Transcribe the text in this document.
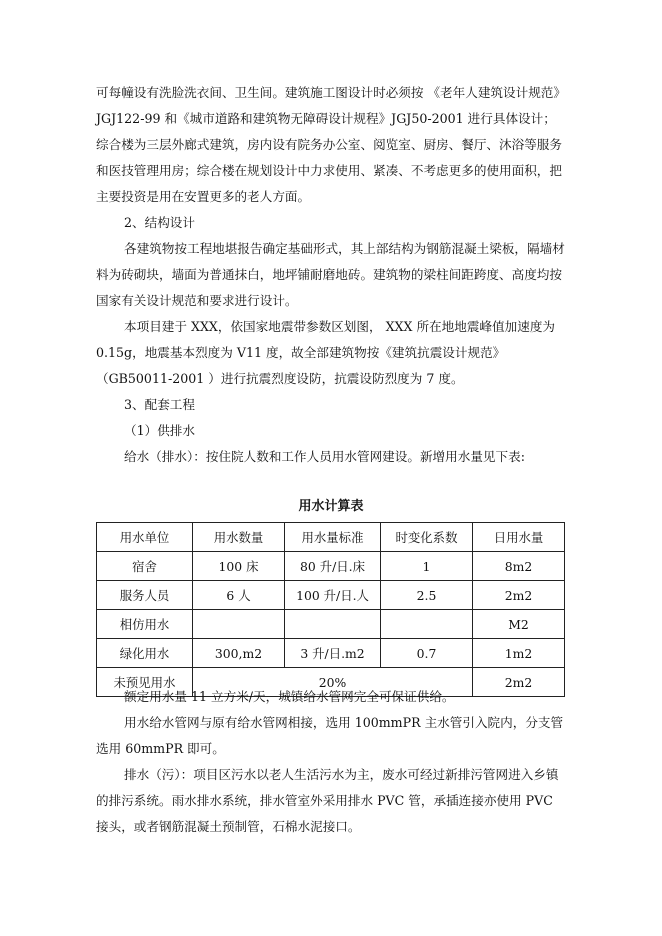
可每幢设有洗脸洗衣间、卫生间。建筑施工图设计时必须按 《老年人建筑设计规范》JGJ122-99 和《城市道路和建筑物无障碍设计规程》JGJ50-2001 进行具体设计；综合楼为三层外廊式建筑，房内设有院务办公室、阅览室、厨房、餐厅、沐浴等服务和医技管理用房；综合楼在规划设计中力求使用、紧凑、不考虑更多的使用面积，把主要投资是用在安置更多的老人方面。

2、结构设计

各建筑物按工程地堪报告确定基础形式，其上部结构为钢筋混凝土梁板，隔墙材料为砖砌块，墙面为普通抹白，地坪铺耐磨地砖。建筑物的梁柱间距跨度、高度均按国家有关设计规范和要求进行设计。

本项目建于 XXX，依国家地震带参数区划图， XXX 所在地地震峰值加速度为 0.15g，地震基本烈度为 V11 度，故全部建筑物按《建筑抗震设计规范》（GB50011-2001 ）进行抗震烈度设防，抗震设防烈度为 7 度。

3、配套工程

（1）供排水

给水（排水）：按住院人数和工作人员用水管网建设。新增用水量见下表:

用水计算表

用水单位	用水数量	用水量标准	时变化系数	日用水量
宿舍	100 床	80 升/日.床	1	8m2
服务人员	6 人	100 升/日.人	2.5	2m2
相仿用水				M2
绿化用水	300,m2	3 升/日.m2	0.7	1m2
未预见用水	20%			2m2

额定用水量 11 立方米/天，城镇给水管网完全可保证供给。

用水给水管网与原有给水管网相接，选用 100mmPR 主水管引入院内，分支管选用 60mmPR 即可。

排水（污）：项目区污水以老人生活污水为主，废水可经过新排污管网进入乡镇的排污系统。雨水排水系统，排水管室外采用排水 PVC 管，承插连接亦使用 PVC 接头，或者钢筋混凝土预制管，石棉水泥接口。
